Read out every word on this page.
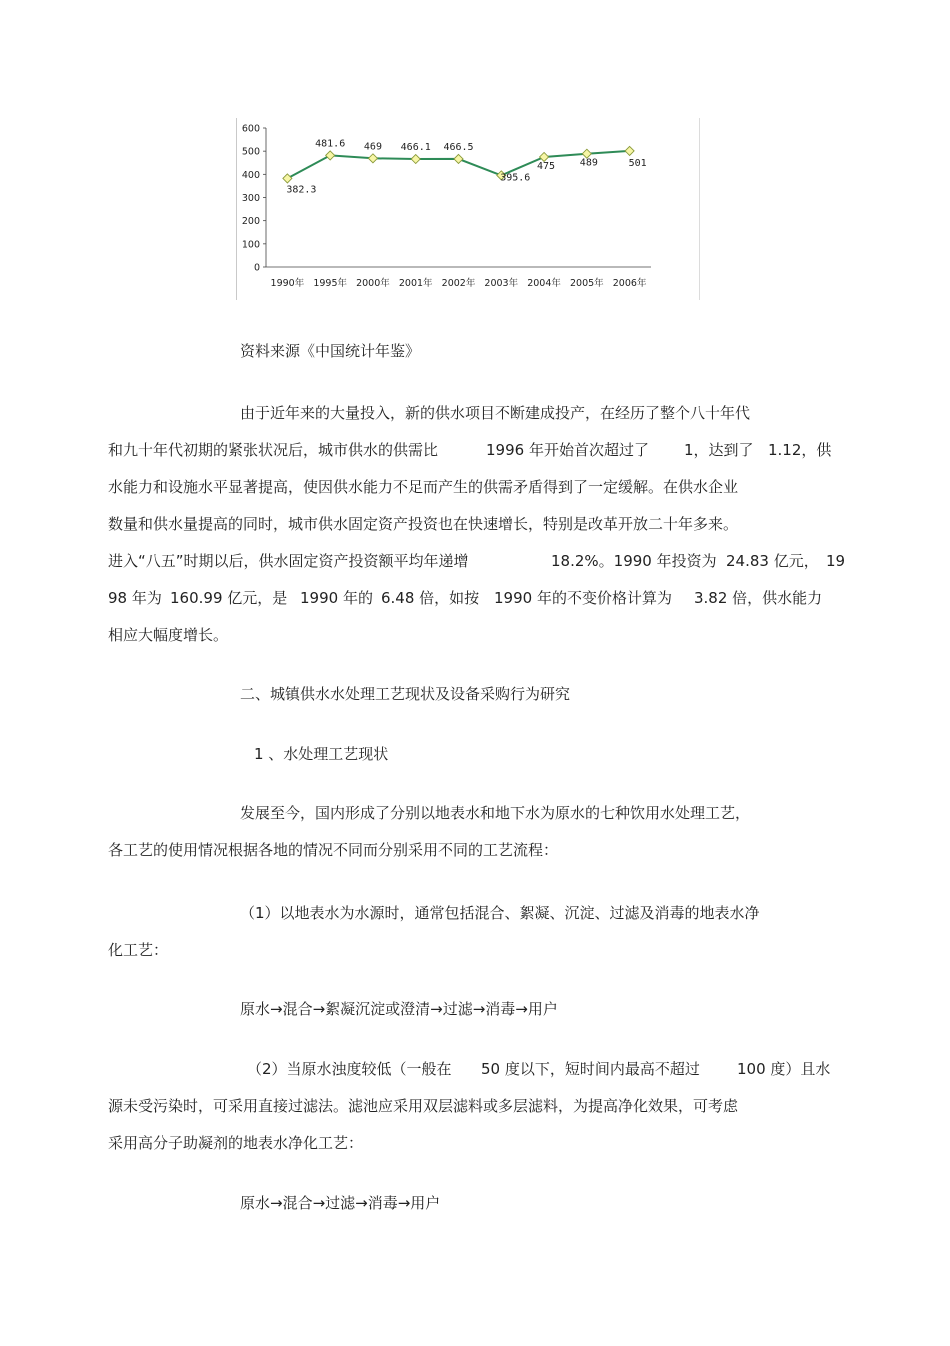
600
500
400
300
200
100
0
1990年 1995年 2000年 2001年 2002年 2003年 2004年 2005年 2006年
382.3
481.6 469 466.1 466.5
395.6
475 489	501
资料来源《中国统计年鉴》
由于近年来的大量投入，新的供水项目不断建成投产，在经历了整个八十年代
和九十年代初期的紧张状况后，城市供水的供需比	1996 年开始首次超过了 1，达到了 1.12，供
水能力和设施水平显著提高，使因供水能力不足而产生的供需矛盾得到了一定缓解。在供水企业
数量和供水量提高的同时，城市供水固定资产投资也在快速增长，特别是改革开放二十年多来。
进入“八五”时期以后，供水固定资产投资额平均年递增	18.2%。1990 年投资为 24.83 亿元， 19
98 年为 160.99 亿元，是 1990 年的 6.48 倍，如按 1990 年的不变价格计算为 3.82 倍，供水能力
相应大幅度增长。
二、城镇供水水处理工艺现状及设备采购行为研究
1 、水处理工艺现状
发展至今，国内形成了分别以地表水和地下水为原水的七种饮用水处理工艺，
各工艺的使用情况根据各地的情况不同而分别采用不同的工艺流程：
（1）以地表水为水源时，通常包括混合、絮凝、沉淀、过滤及消毒的地表水净
化工艺：
原水→混合→絮凝沉淀或澄清→过滤→消毒→用户
（2）当原水浊度较低（一般在 50 度以下，短时间内最高不超过 100 度）且水
源未受污染时，可采用直接过滤法。滤池应采用双层滤料或多层滤料，为提高净化效果，可考虑
采用高分子助凝剂的地表水净化工艺：
原水→混合→过滤→消毒→用户
